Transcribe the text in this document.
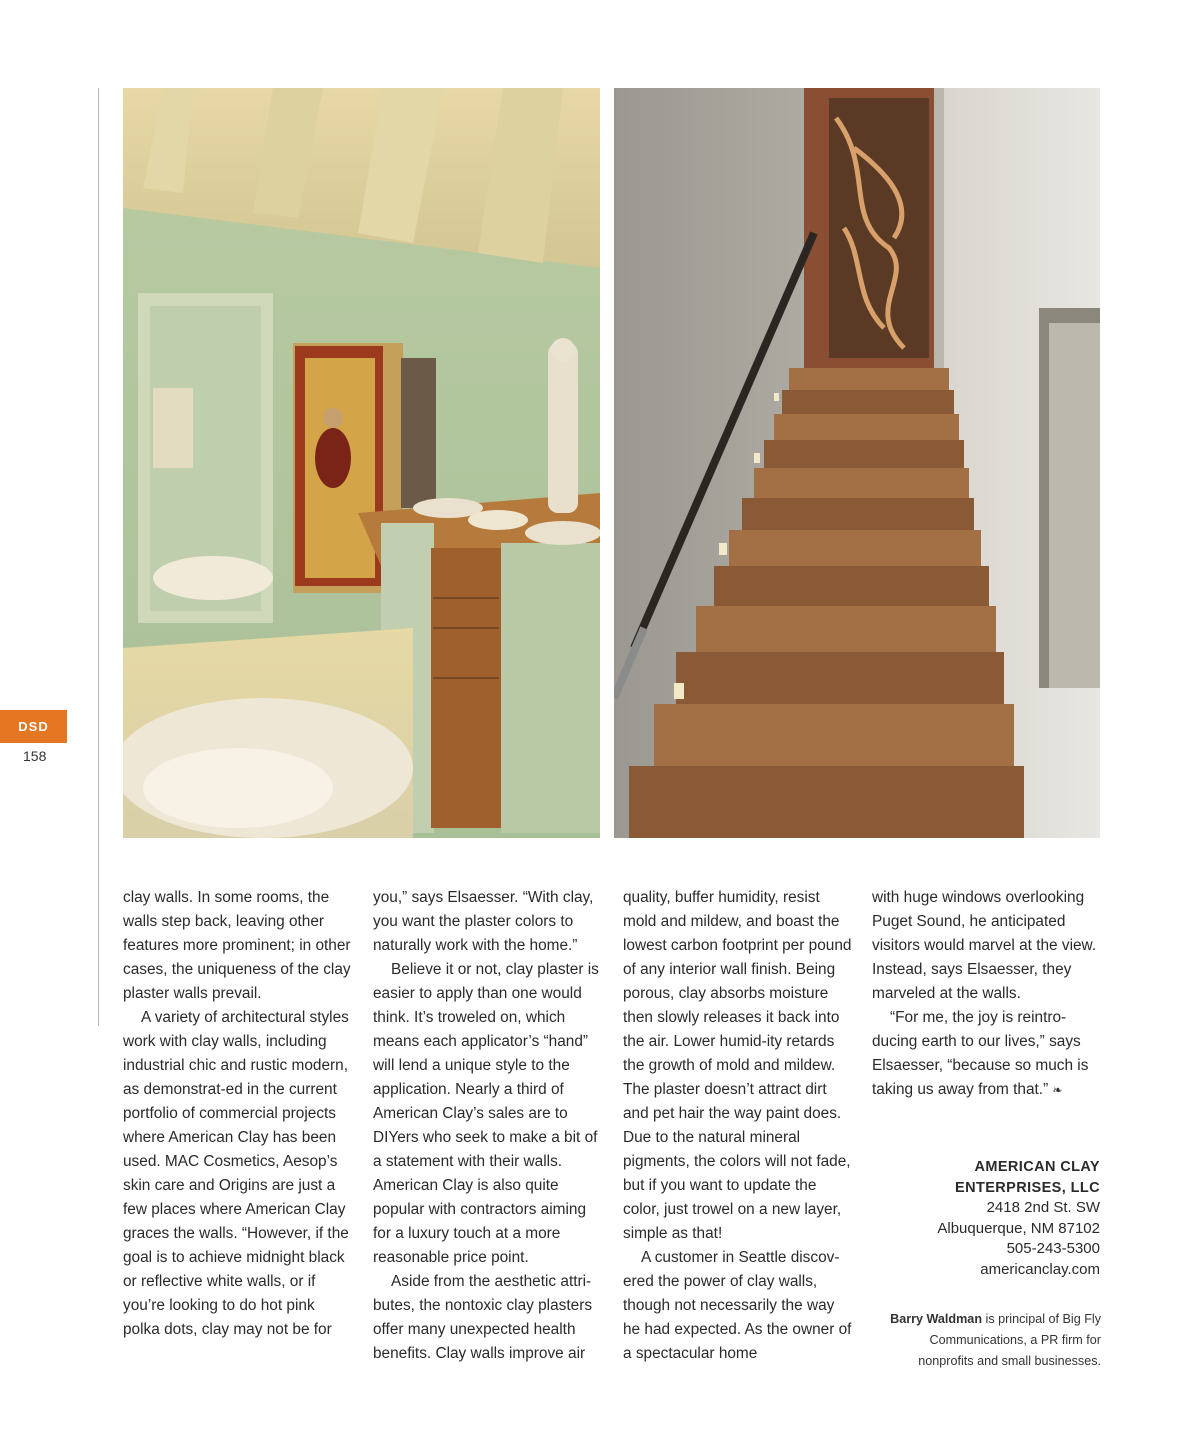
DSD
158

clay walls. In some rooms, the walls step back, leaving other features more prominent; in other cases, the uniqueness of the clay plaster walls prevail.

A variety of architectural styles work with clay walls, including industrial chic and rustic modern, as demonstrat-ed in the current portfolio of commercial projects where American Clay has been used. MAC Cosmetics, Aesop’s skin care and Origins are just a few places where American Clay graces the walls. “However, if the goal is to achieve midnight black or reflective white walls, or if you’re looking to do hot pink polka dots, clay may not be for

you,” says Elsaesser. “With clay, you want the plaster colors to naturally work with the home.”

Believe it or not, clay plaster is easier to apply than one would think. It’s troweled on, which means each applicator’s “hand” will lend a unique style to the application. Nearly a third of American Clay’s sales are to DIYers who seek to make a bit of a statement with their walls. American Clay is also quite popular with contractors aiming for a luxury touch at a more reasonable price point.

Aside from the aesthetic attri-butes, the nontoxic clay plasters offer many unexpected health benefits. Clay walls improve air

quality, buffer humidity, resist mold and mildew, and boast the lowest carbon footprint per pound of any interior wall finish. Being porous, clay absorbs moisture then slowly releases it back into the air. Lower humid-ity retards the growth of mold and mildew. The plaster doesn’t attract dirt and pet hair the way paint does. Due to the natural mineral pigments, the colors will not fade, but if you want to update the color, just trowel on a new layer, simple as that!

A customer in Seattle discov-ered the power of clay walls, though not necessarily the way he had expected. As the owner of a spectacular home

with huge windows overlooking Puget Sound, he anticipated visitors would marvel at the view. Instead, says Elsaesser, they marveled at the walls.

“For me, the joy is reintro-ducing earth to our lives,” says Elsaesser, “because so much is taking us away from that.” ❧

AMERICAN CLAY
ENTERPRISES, LLC
2418 2nd St. SW
Albuquerque, NM 87102
505-243-5300
americanclay.com
Barry Waldman is principal of Big Fly Communications, a PR firm for nonprofits and small businesses.
